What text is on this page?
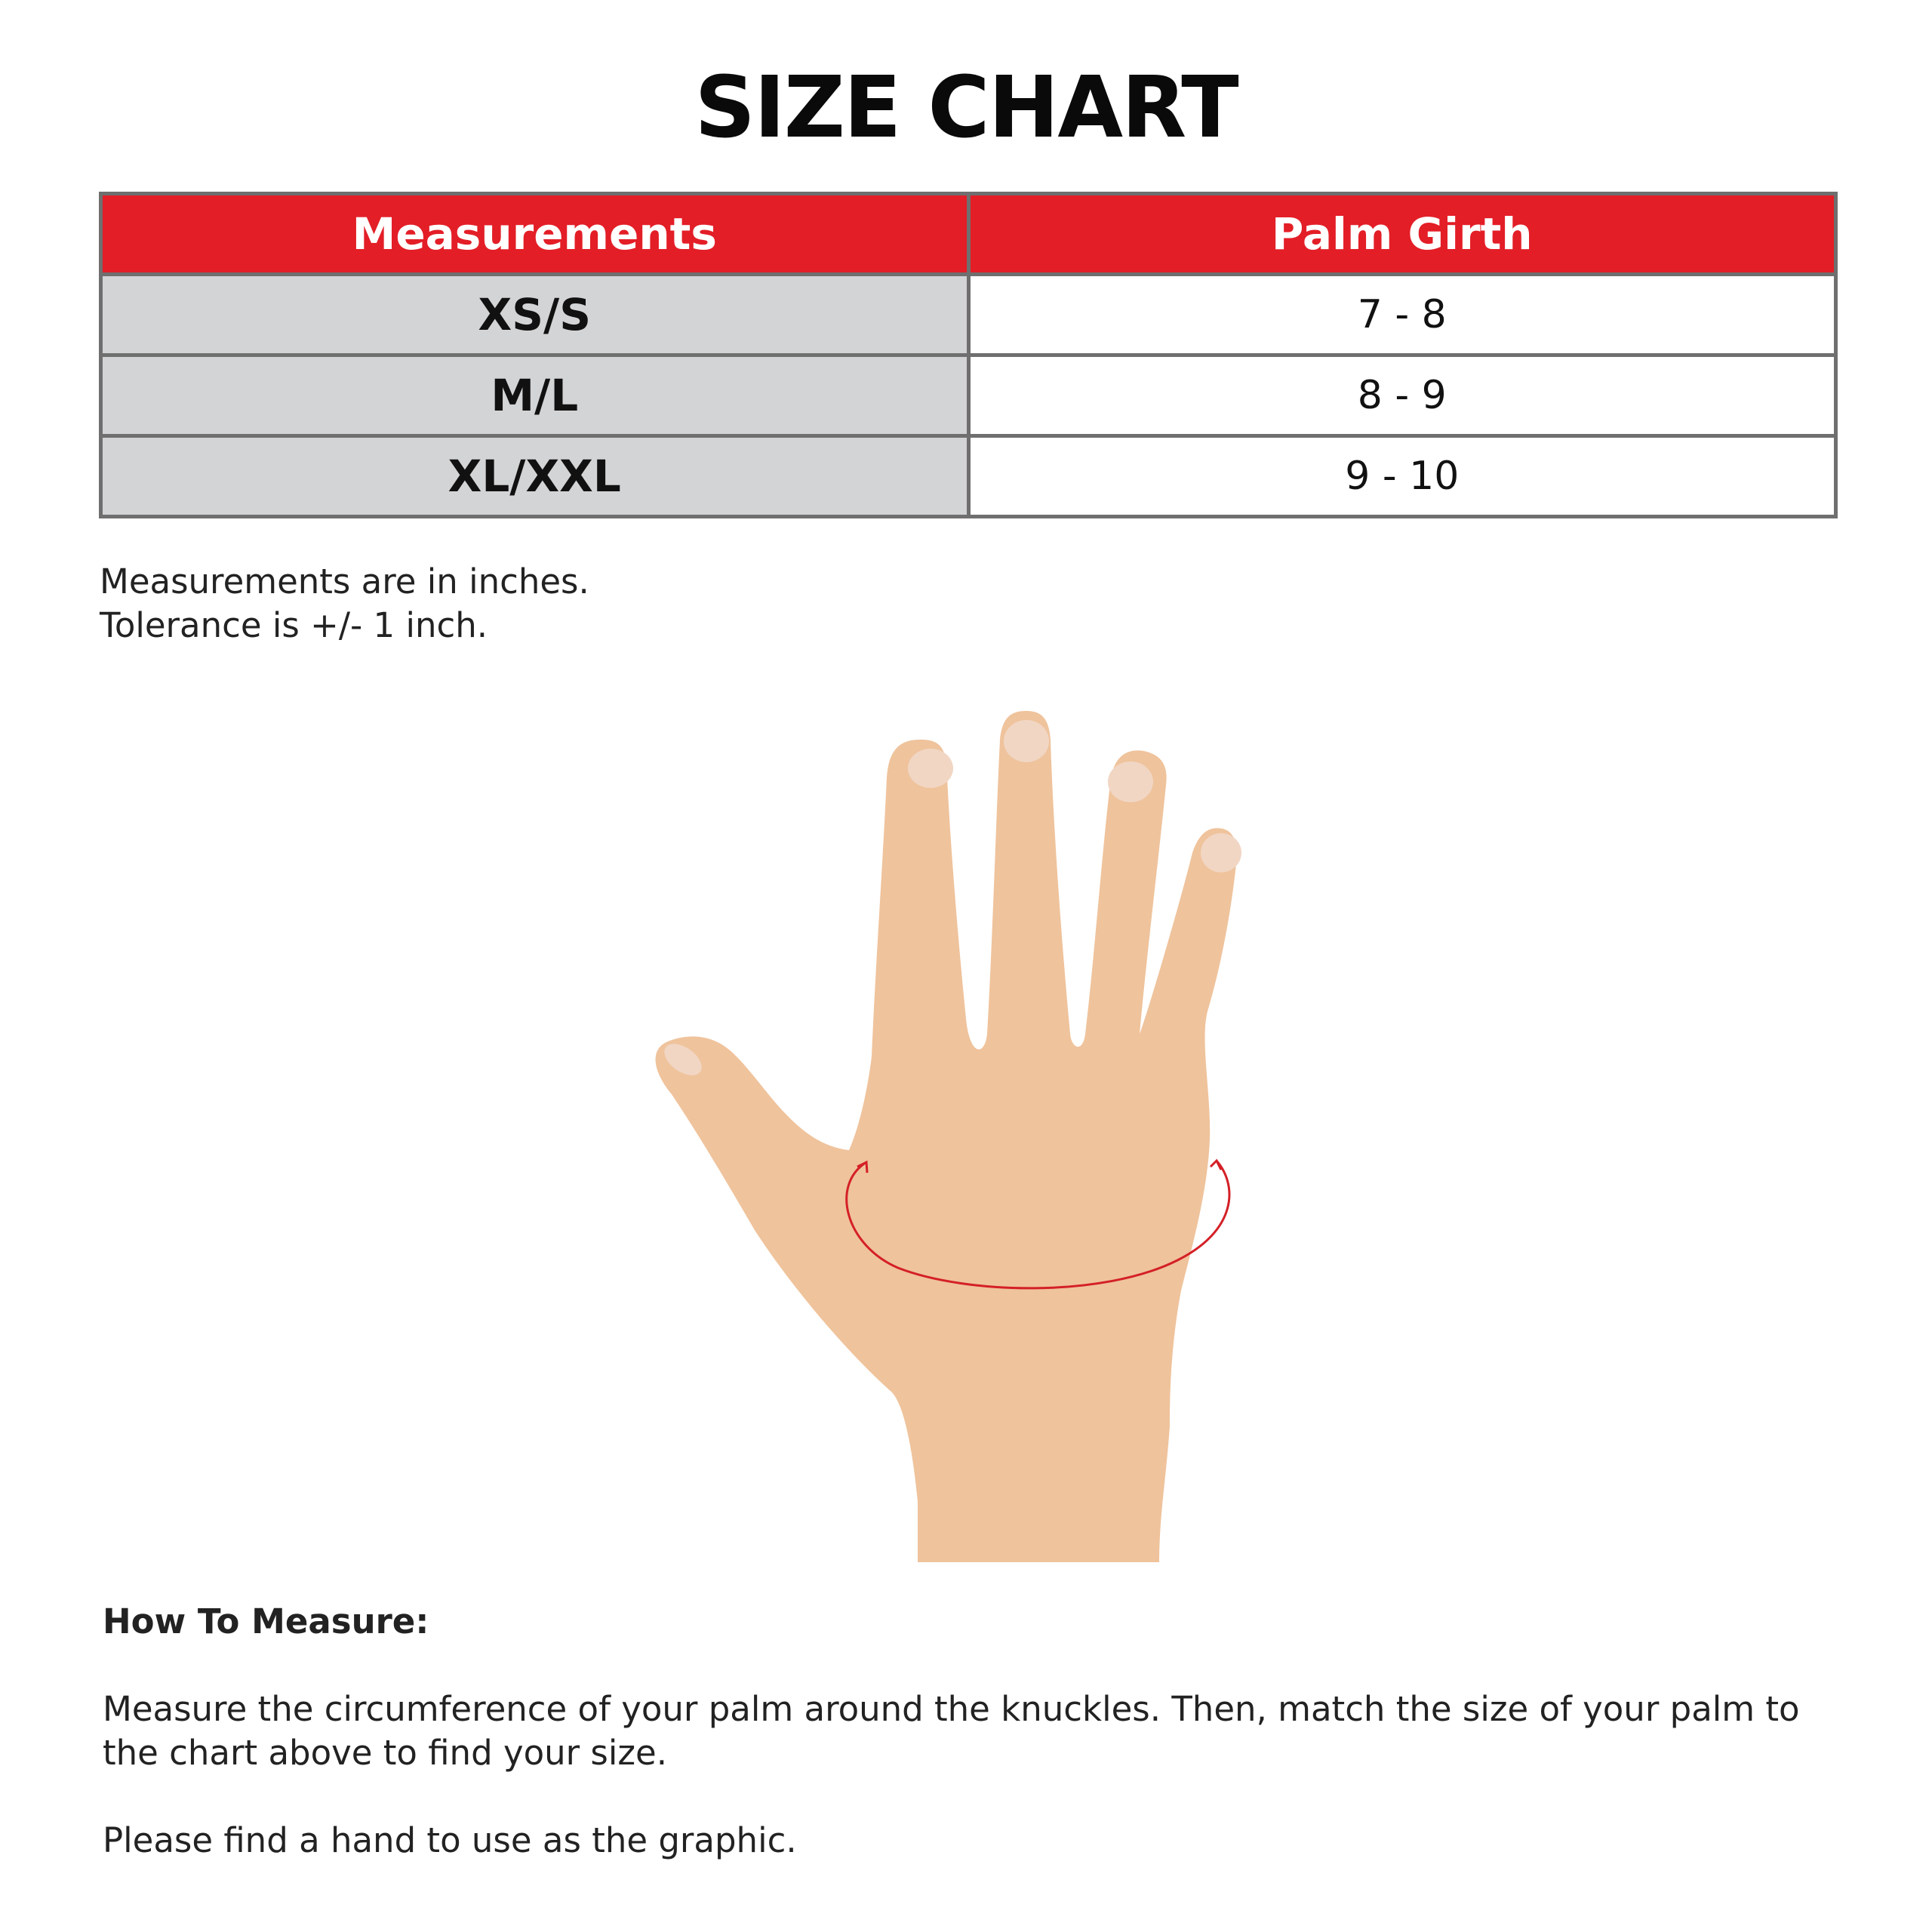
SIZE CHART
Measurements	Palm Girth
XS/S	7 - 8
M/L	8 - 9
XL/XXL	9 - 10
Measurements are in inches.
Tolerance is +/- 1 inch.
How To Measure:

Measure the circumference of your palm around the knuckles. Then, match the size of your palm to the chart above to find your size.

Please find a hand to use as the graphic.
